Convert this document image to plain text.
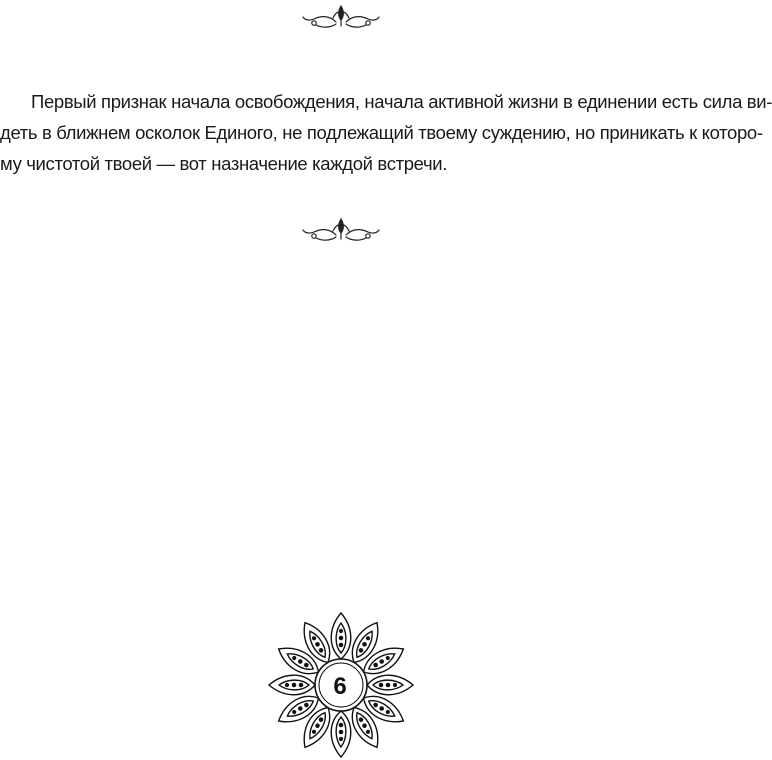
Первый признак начала освобождения, начала активной жизни в единении есть сила ви-
деть в ближнем осколок Единого, не подлежащий твоему суждению, но приникать к которо-
му чистотой твоей — вот назначение каждой встречи.

6
